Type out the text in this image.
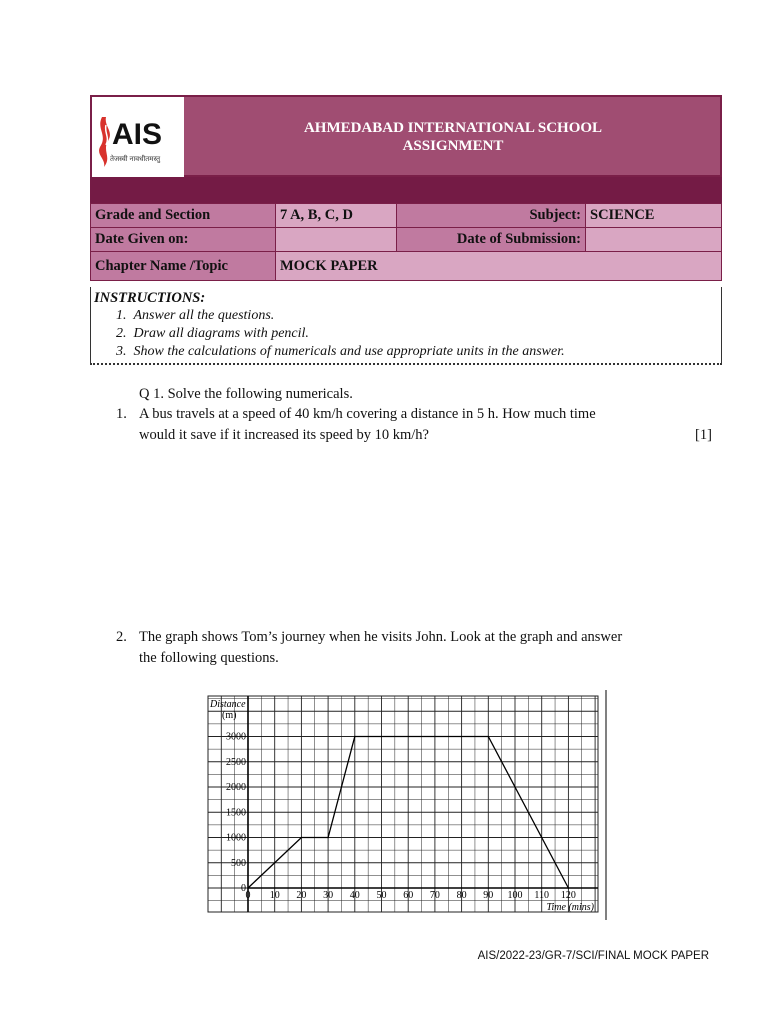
AIS
तेजस्वी नावधीतमस्तु
AHMEDABAD INTERNATIONAL SCHOOL
ASSIGNMENT
Grade and Section	7 A, B, C, D	Subject:	SCIENCE
Date Given on:		Date of Submission:	
Chapter Name /Topic	MOCK PAPER		
INSTRUCTIONS:
1. Answer all the questions.
2. Draw all diagrams with pencil.
3. Show the calculations of numericals and use appropriate units in the answer.
Q 1. Solve the following numericals.
1. A bus travels at a speed of 40 km/h covering a distance in 5 h. How much time
would it save if it increased its speed by 10 km/h?	[1]
2. The graph shows Tom’s journey when he visits John. Look at the graph and answer
the following questions.
0 10 20 30 40 50 60 70 80 90 100 110 120
0
500
1000
1500
2000
2500
3000
Distance
(m)
Time (mins)
AIS/2022-23/GR-7/SCI/FINAL MOCK PAPER
